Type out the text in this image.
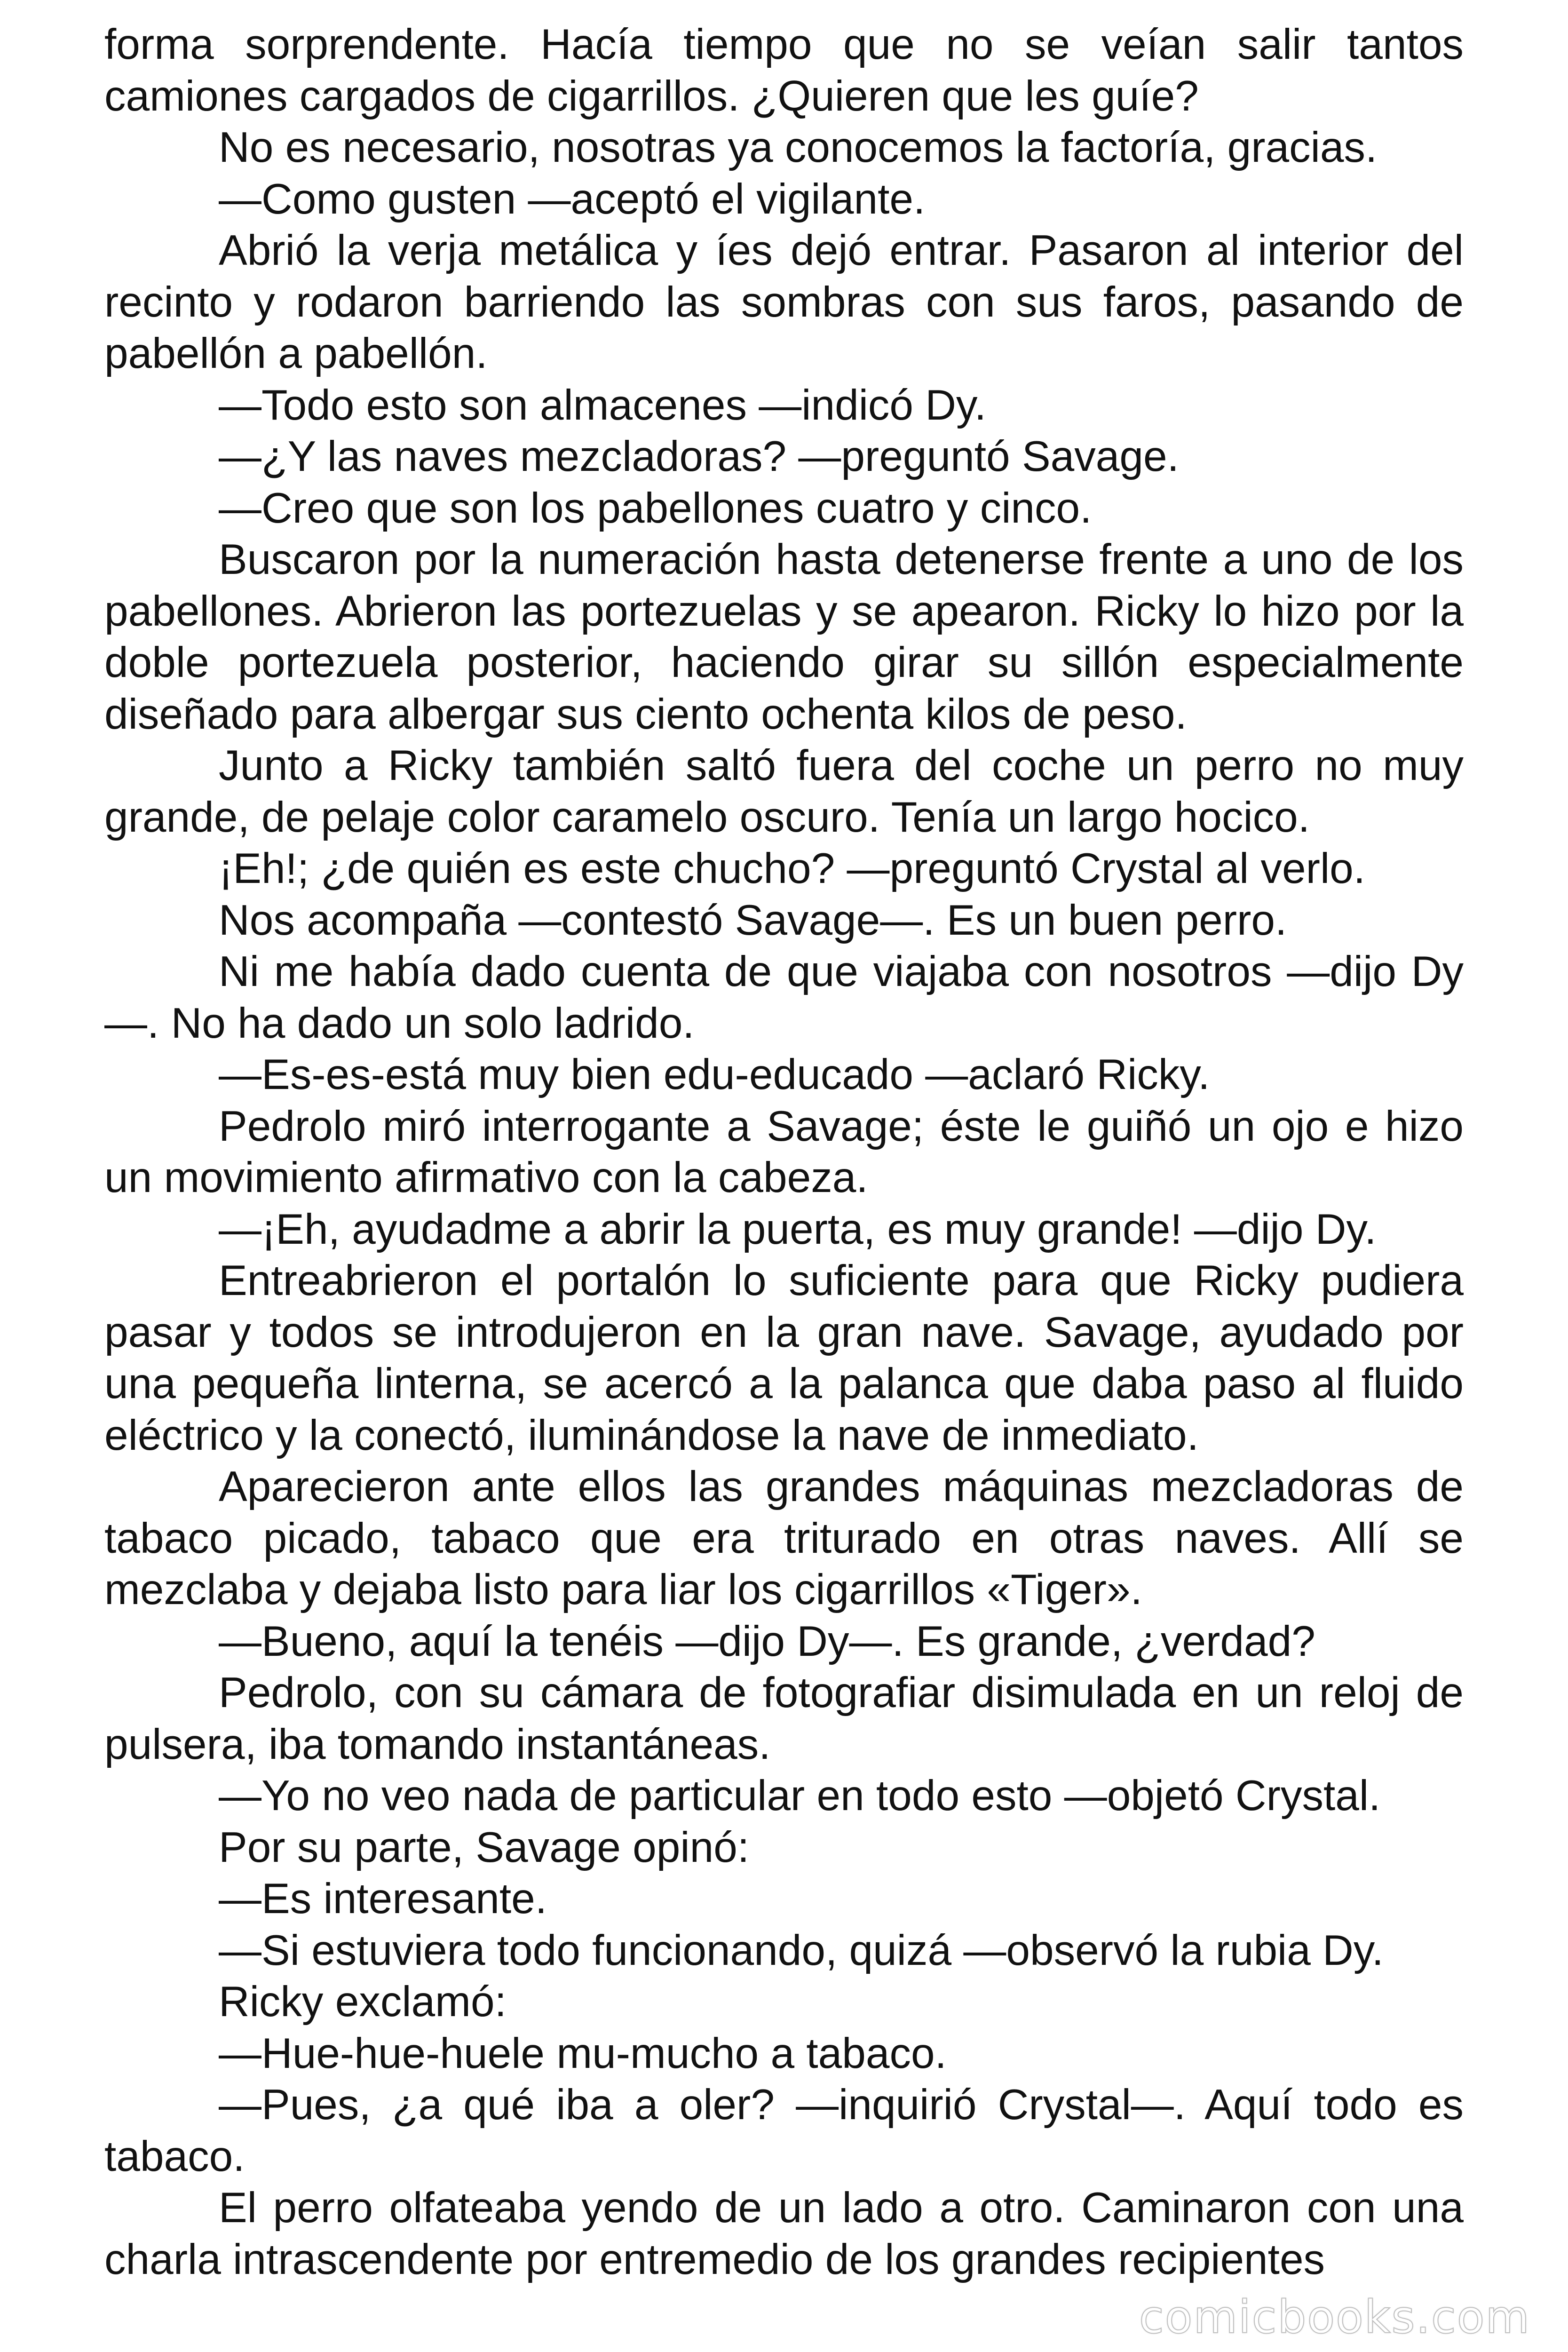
forma sorprendente. Hacía tiempo que no se veían salir tantos camiones cargados de cigarrillos. ¿Quieren que les guíe?

No es necesario, nosotras ya conocemos la factoría, gracias.

—Como gusten —aceptó el vigilante.

Abrió la verja metálica y íes dejó entrar. Pasaron al interior del recinto y rodaron barriendo las sombras con sus faros, pasando de pabellón a pabellón.

—Todo esto son almacenes —indicó Dy.

—¿Y las naves mezcladoras? —preguntó Savage.

—Creo que son los pabellones cuatro y cinco.

Buscaron por la numeración hasta detenerse frente a uno de los pabellones. Abrieron las portezuelas y se apearon. Ricky lo hizo por la doble portezuela posterior, haciendo girar su sillón especialmente diseñado para albergar sus ciento ochenta kilos de peso.

Junto a Ricky también saltó fuera del coche un perro no muy grande, de pelaje color caramelo oscuro. Tenía un largo hocico.

¡Eh!; ¿de quién es este chucho? —preguntó Crystal al verlo.

Nos acompaña —contestó Savage—. Es un buen perro.

Ni me había dado cuenta de que viajaba con nosotros —dijo Dy —. No ha dado un solo ladrido.

—Es-es-está muy bien edu-educado —aclaró Ricky.

Pedrolo miró interrogante a Savage; éste le guiñó un ojo e hizo un movimiento afirmativo con la cabeza.

—¡Eh, ayudadme a abrir la puerta, es muy grande! —dijo Dy.

Entreabrieron el portalón lo suficiente para que Ricky pudiera pasar y todos se introdujeron en la gran nave. Savage, ayudado por una pequeña linterna, se acercó a la palanca que daba paso al fluido eléctrico y la conectó, iluminándose la nave de inmediato.

Aparecieron ante ellos las grandes máquinas mezcladoras de tabaco picado, tabaco que era triturado en otras naves. Allí se mezclaba y dejaba listo para liar los cigarrillos «Tiger».

—Bueno, aquí la tenéis —dijo Dy—. Es grande, ¿verdad?

Pedrolo, con su cámara de fotografiar disimulada en un reloj de pulsera, iba tomando instantáneas.

—Yo no veo nada de particular en todo esto —objetó Crystal.

Por su parte, Savage opinó:

—Es interesante.

—Si estuviera todo funcionando, quizá —observó la rubia Dy.

Ricky exclamó:

—Hue-hue-huele mu-mucho a tabaco.

—Pues, ¿a qué iba a oler? —inquirió Crystal—. Aquí todo es tabaco.

El perro olfateaba yendo de un lado a otro. Caminaron con una charla intrascendente por entremedio de los grandes recipientes

comicbooks.com
